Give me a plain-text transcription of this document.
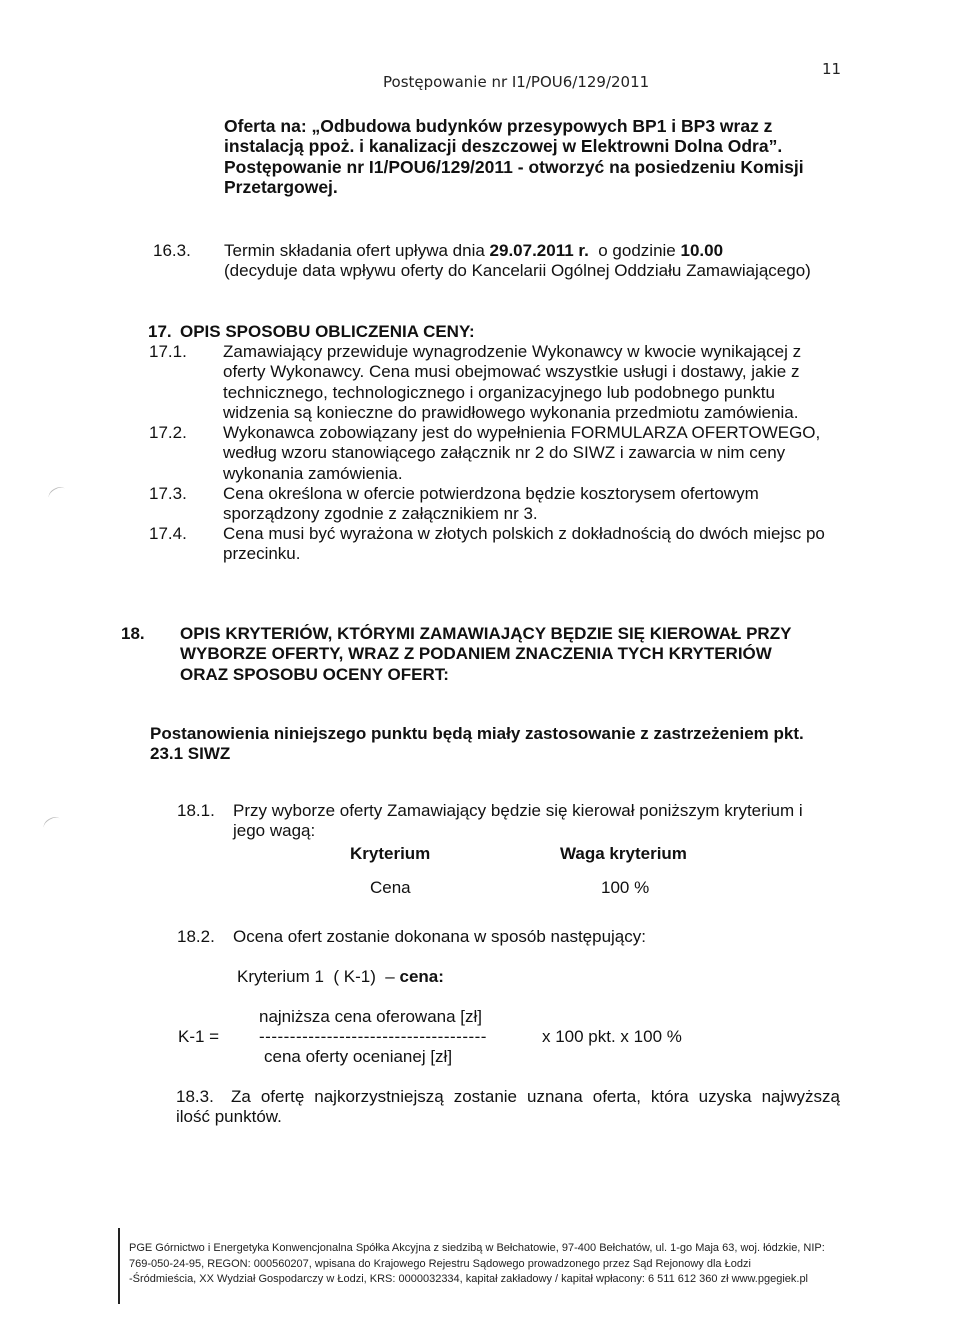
Postępowanie nr I1/POU6/129/2011
11
Oferta na: „Odbudowa budynków przesypowych BP1 i BP3 wraz z
instalacją ppoż. i kanalizacji deszczowej w Elektrowni Dolna Odra”.
Postępowanie nr I1/POU6/129/2011 - otworzyć na posiedzeniu Komisji
Przetargowej.
16.3. Termin składania ofert upływa dnia 29.07.2011 r.  o godzinie 10.00
(decyduje data wpływu oferty do Kancelarii Ogólnej Oddziału Zamawiającego)
17. OPIS SPOSOBU OBLICZENIA CENY:
17.1. Zamawiający przewiduje wynagrodzenie Wykonawcy w kwocie wynikającej z
oferty Wykonawcy. Cena musi obejmować wszystkie usługi i dostawy, jakie z
technicznego, technologicznego i organizacyjnego lub podobnego punktu
widzenia są konieczne do prawidłowego wykonania przedmiotu zamówienia.
17.2. Wykonawca zobowiązany jest do wypełnienia FORMULARZA OFERTOWEGO,
według wzoru stanowiącego załącznik nr 2 do SIWZ i zawarcia w nim ceny
wykonania zamówienia.
17.3. Cena określona w ofercie potwierdzona będzie kosztorysem ofertowym
sporządzony zgodnie z załącznikiem nr 3.
17.4. Cena musi być wyrażona w złotych polskich z dokładnością do dwóch miejsc po
przecinku.
18. OPIS KRYTERIÓW, KTÓRYMI ZAMAWIAJĄCY BĘDZIE SIĘ KIEROWAŁ PRZY
WYBORZE OFERTY, WRAZ Z PODANIEM ZNACZENIA TYCH KRYTERIÓW
ORAZ SPOSOBU OCENY OFERT:
Postanowienia niniejszego punktu będą miały zastosowanie z zastrzeżeniem pkt.
23.1 SIWZ
18.1. Przy wyborze oferty Zamawiający będzie się kierował poniższym kryterium i
jego wagą:
Kryterium	Waga kryterium
Cena	100 %
18.2. Ocena ofert zostanie dokonana w sposób następujący:
Kryterium 1  ( K-1)  – cena:
najniższa cena oferowana [zł]
K-1 = -------------------------------------	x 100 pkt. x 100 %
cena oferty ocenianej [zł]
18.3.	Za ofertę najkorzystniejszą zostanie uznana oferta, która uzyska najwyższą
ilość punktów.
PGE Górnictwo i Energetyka Konwencjonalna Spółka Akcyjna z siedzibą w Bełchatowie, 97-400 Bełchatów, ul. 1-go Maja 63, woj. łódzkie, NIP:
769-050-24-95, REGON: 000560207, wpisana do Krajowego Rejestru Sądowego prowadzonego przez Sąd Rejonowy dla Łodzi
-Śródmieścia, XX Wydział Gospodarczy w Łodzi, KRS: 0000032334, kapitał zakładowy / kapitał wpłacony: 6 511 612 360 zł www.pgegiek.pl
